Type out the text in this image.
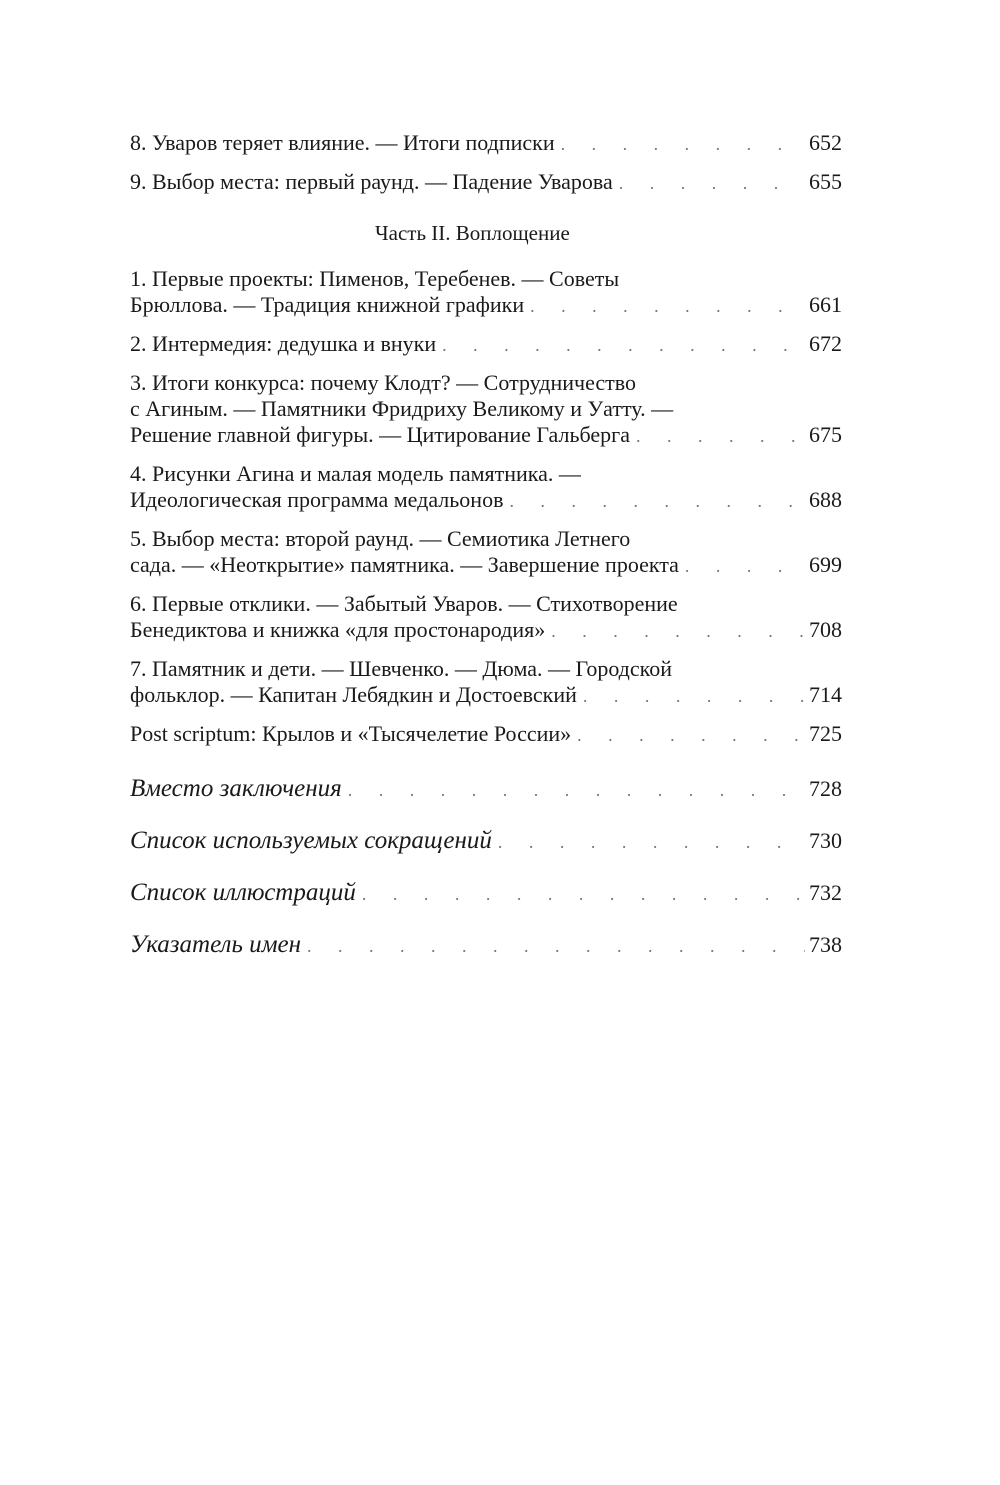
8. Уваров теряет влияние. — Итоги подписки . . .	652
9. Выбор места: первый раунд. — Падение Уварова . . .	655
Часть II. Воплощение
1. Первые проекты: Пименов, Теребенев. — Советы
Брюллова. — Традиция книжной графики . . .	661
2. Интермедия: дедушка и внуки . . .	672
3. Итоги конкурса: почему Клодт? — Сотрудничество
с Агиным. — Памятники Фридриху Великому и Уатту. —
Решение главной фигуры. — Цитирование Гальберга . . .	675
4. Рисунки Агина и малая модель памятника. —
Идеологическая программа медальонов . . .	688
5. Выбор места: второй раунд. — Семиотика Летнего
сада. — «Неоткрытие» памятника. — Завершение проекта . . .	699
6. Первые отклики. — Забытый Уваров. — Стихотворение
Бенедиктова и книжка «для простонародия» . . .	708
7. Памятник и дети. — Шевченко. — Дюма. — Городской
фольклор. — Капитан Лебядкин и Достоевский . . .	714
Post scriptum: Крылов и «Тысячелетие России» . . .	725
Вместо заключения . . .	728
Список используемых сокращений . . .	730
Список иллюстраций . . .	732
Указатель имен . . .	738
